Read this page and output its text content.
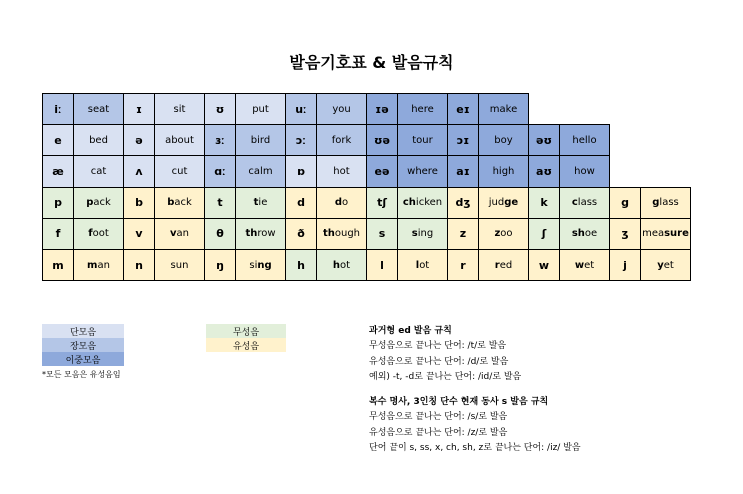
발음기호표 & 발음규칙
iː	seat	ɪ	sit	ʊ	put	uː	you	ɪə	here	eɪ	make
e	bed	ə	about	ɜː	bird	ɔː	fork	ʊə	tour	ɔɪ	boy	əʊ	hello
æ	cat	ʌ	cut	ɑː	calm	ɒ	hot	eə	where	aɪ	high	aʊ	how
p	p ack	b	b ack	t	t ie	d	d o	tʃ	ch icken	dʒ	jud ge	k	c lass	g	g lass
f	f oot	v	v an	θ	th row	ð	th ough	s	s ing	z	z oo	ʃ	sh oe	ʒ	mea sure
m	m an	n	sun	ŋ	si ng	h	h ot	l	l ot	r	r ed	w	w et	j	y et
단모음
장모음
이중모음
*모든 모음은 유성음임
무성음
유성음
과거형 ed 발음 규칙
무성음으로 끝나는 단어: /t/로 발음
유성음으로 끝나는 단어: /d/로 발음
예외) -t, -d로 끝나는 단어: /id/로 발음
복수 명사, 3인칭 단수 현재 동사 s 발음 규칙
무성음으로 끝나는 단어: /s/로 발음
유성음으로 끝나는 단어: /z/로 발음
단어 끝이 s, ss, x, ch, sh, z로 끝나는 단어: /iz/ 발음
